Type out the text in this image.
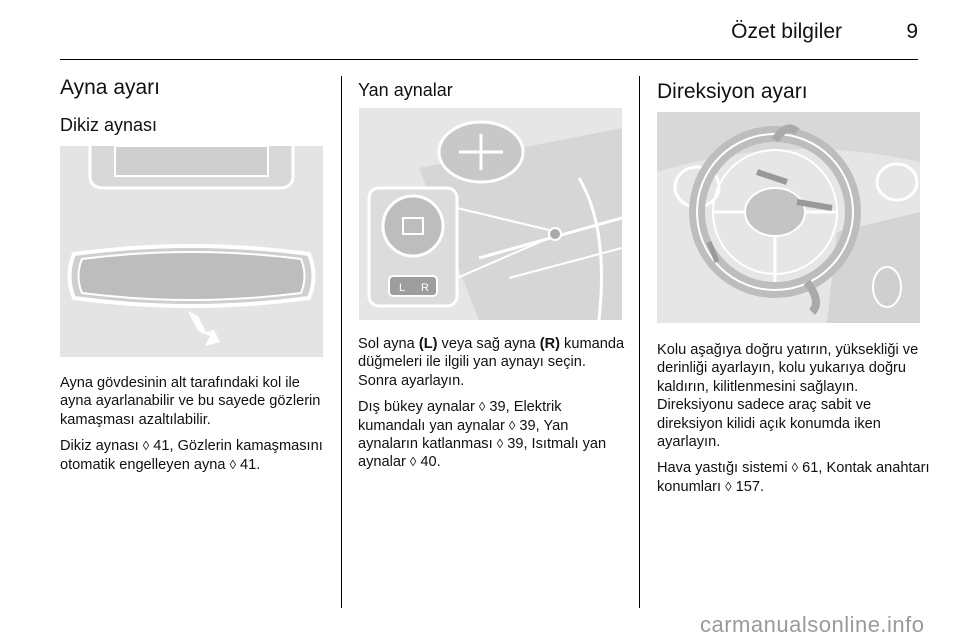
Özet bilgiler	9
Ayna ayarı
Dikiz aynası

Ayna gövdesinin alt tarafındaki kol ile ayna ayarlanabilir ve bu sayede gözlerin kamaşması azaltılabilir.

Dikiz aynası ◊ 41, Gözlerin kamaşmasını otomatik engelleyen ayna ◊ 41.

Yan aynalar
L R

Sol ayna (L) veya sağ ayna (R) kumanda düğmeleri ile ilgili yan aynayı seçin. Sonra ayarlayın.

Dış bükey aynalar ◊ 39, Elektrik kumandalı yan aynalar ◊ 39, Yan aynaların katlanması ◊ 39, Isıtmalı yan aynalar ◊ 40.

Direksiyon ayarı

Kolu aşağıya doğru yatırın, yüksekliği ve derinliği ayarlayın, kolu yukarıya doğru kaldırın, kilitlenmesini sağlayın. Direksiyonu sadece araç sabit ve direksiyon kilidi açık konumda iken ayarlayın.

Hava yastığı sistemi ◊ 61, Kontak anahtarı konumları ◊ 157.

carmanualsonline.info
